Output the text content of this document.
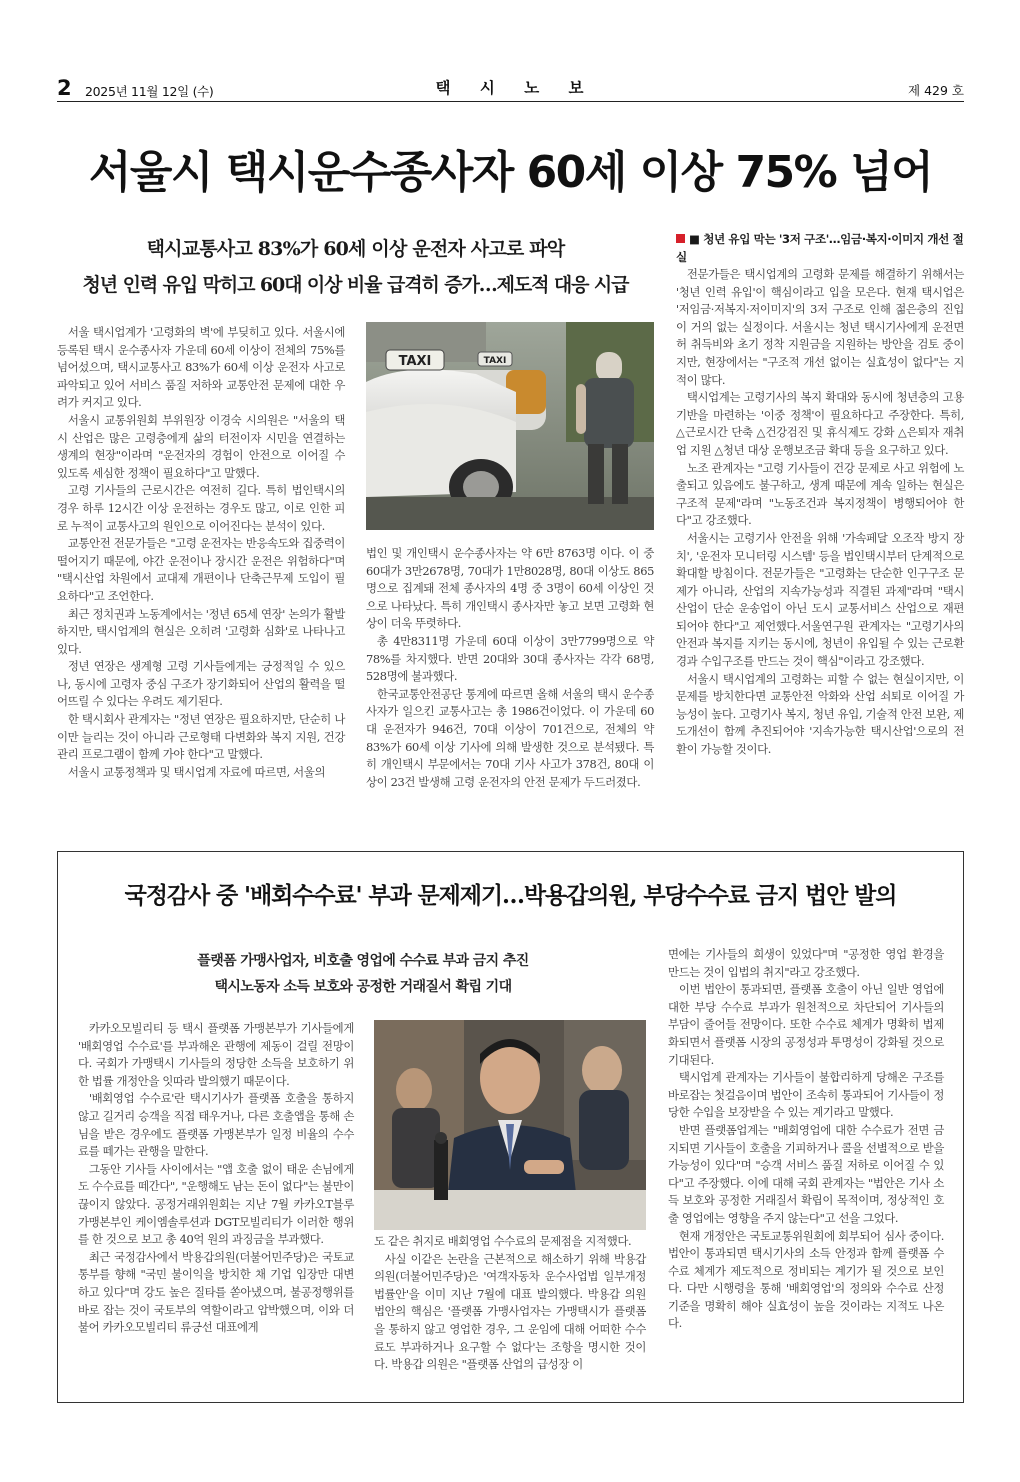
2 2025년 11월 12일 (수)	택 시 노 보	제 429 호
서울시 택시운수종사자 60세 이상 75% 넘어
택시교통사고 83%가 60세 이상 운전자 사고로 파악
청년 인력 유입 막히고 60대 이상 비율 급격히 증가…제도적 대응 시급

서울 택시업계가 '고령화의 벽'에 부딪히고 있다. 서울시에 등록된 택시 운수종사자 가운데 60세 이상이 전체의 75%를 넘어섰으며, 택시교통사고 83%가 60세 이상 운전자 사고로 파악되고 있어 서비스 품질 저하와 교통안전 문제에 대한 우려가 커지고 있다.

서울시 교통위원회 부위원장 이경숙 시의원은 "서울의 택시 산업은 많은 고령층에게 삶의 터전이자 시민을 연결하는 생계의 현장"이라며 "운전자의 경험이 안전으로 이어질 수 있도록 세심한 정책이 필요하다"고 말했다.

고령 기사들의 근로시간은 여전히 길다. 특히 법인택시의 경우 하루 12시간 이상 운전하는 경우도 많고, 이로 인한 피로 누적이 교통사고의 원인으로 이어진다는 분석이 있다.

교통안전 전문가들은 "고령 운전자는 반응속도와 집중력이 떨어지기 때문에, 야간 운전이나 장시간 운전은 위험하다"며 "택시산업 차원에서 교대제 개편이나 단축근무제 도입이 필요하다"고 조언한다.

최근 정치권과 노동계에서는 '정년 65세 연장' 논의가 활발하지만, 택시업계의 현실은 오히려 '고령화 심화'로 나타나고 있다.

정년 연장은 생계형 고령 기사들에게는 긍정적일 수 있으나, 동시에 고령자 중심 구조가 장기화되어 산업의 활력을 떨어뜨릴 수 있다는 우려도 제기된다.

한 택시회사 관계자는 "정년 연장은 필요하지만, 단순히 나이만 늘리는 것이 아니라 근로형태 다변화와 복지 지원, 건강관리 프로그램이 함께 가야 한다"고 말했다.

서울시 교통정책과 및 택시업계 자료에 따르면, 서울의

TAXI
TAXI

법인 및 개인택시 운수종사자는 약 6만 8763명 이다. 이 중 60대가 3만2678명, 70대가 1만8028명, 80대 이상도 865명으로 집계돼 전체 종사자의 4명 중 3명이 60세 이상인 것으로 나타났다. 특히 개인택시 종사자만 놓고 보면 고령화 현상이 더욱 뚜렷하다.

총 4만8311명 가운데 60대 이상이 3만7799명으로 약 78%를 차지했다. 반면 20대와 30대 종사자는 각각 68명, 528명에 불과했다.

한국교통안전공단 통계에 따르면 올해 서울의 택시 운수종사자가 일으킨 교통사고는 총 1986건이었다. 이 가운데 60대 운전자가 946건, 70대 이상이 701건으로, 전체의 약 83%가 60세 이상 기사에 의해 발생한 것으로 분석됐다. 특히 개인택시 부문에서는 70대 기사 사고가 378건, 80대 이상이 23건 발생해 고령 운전자의 안전 문제가 두드러졌다.

■ 청년 유입 막는 '3저 구조'…임금·복지·이미지 개선 절실

전문가들은 택시업계의 고령화 문제를 해결하기 위해서는 '청년 인력 유입'이 핵심이라고 입을 모은다. 현재 택시업은 '저임금·저복지·저이미지'의 3저 구조로 인해 젊은층의 진입이 거의 없는 실정이다. 서울시는 청년 택시기사에게 운전면허 취득비와 초기 정착 지원금을 지원하는 방안을 검토 중이지만, 현장에서는 "구조적 개선 없이는 실효성이 없다"는 지적이 많다.

택시업계는 고령기사의 복지 확대와 동시에 청년층의 고용 기반을 마련하는 '이중 정책'이 필요하다고 주장한다. 특히, △근로시간 단축 △건강검진 및 휴식제도 강화 △은퇴자 재취업 지원 △청년 대상 운행보조금 확대 등을 요구하고 있다.

노조 관계자는 "고령 기사들이 건강 문제로 사고 위험에 노출되고 있음에도 불구하고, 생계 때문에 계속 일하는 현실은 구조적 문제"라며 "노동조건과 복지정책이 병행되어야 한다"고 강조했다.

서울시는 고령기사 안전을 위해 '가속페달 오조작 방지 장치', '운전자 모니터링 시스템' 등을 법인택시부터 단계적으로 확대할 방침이다. 전문가들은 "고령화는 단순한 인구구조 문제가 아니라, 산업의 지속가능성과 직결된 과제"라며 "택시산업이 단순 운송업이 아닌 도시 교통서비스 산업으로 재편되어야 한다"고 제언했다.서울연구원 관계자는 "고령기사의 안전과 복지를 지키는 동시에, 청년이 유입될 수 있는 근로환경과 수입구조를 만드는 것이 핵심"이라고 강조했다.

서울시 택시업계의 고령화는 피할 수 없는 현실이지만, 이 문제를 방치한다면 교통안전 악화와 산업 쇠퇴로 이어질 가능성이 높다. 고령기사 복지, 청년 유입, 기술적 안전 보완, 제도개선이 함께 추진되어야 '지속가능한 택시산업'으로의 전환이 가능할 것이다.

국정감사 중 '배회수수료' 부과 문제제기…박용갑의원, 부당수수료 금지 법안 발의
플랫폼 가맹사업자, 비호출 영업에 수수료 부과 금지 추진
택시노동자 소득 보호와 공정한 거래질서 확립 기대

카카오모빌리티 등 택시 플랫폼 가맹본부가 기사들에게 '배회영업 수수료'를 부과해온 관행에 제동이 걸릴 전망이다. 국회가 가맹택시 기사들의 정당한 소득을 보호하기 위한 법률 개정안을 잇따라 발의했기 때문이다.

'배회영업 수수료'란 택시기사가 플랫폼 호출을 통하지 않고 길거리 승객을 직접 태우거나, 다른 호출앱을 통해 손님을 받은 경우에도 플랫폼 가맹본부가 일정 비율의 수수료를 떼가는 관행을 말한다.

그동안 기사들 사이에서는 "앱 호출 없이 태운 손님에게도 수수료를 떼간다", "운행해도 남는 돈이 없다"는 불만이 끊이지 않았다. 공정거래위원회는 지난 7월 카카오T블루 가맹본부인 케이엠솔루션과 DGT모빌리티가 이러한 행위를 한 것으로 보고 총 40억 원의 과징금을 부과했다.

최근 국정감사에서 박용갑의원(더불어민주당)은 국토교통부를 향해 "국민 불이익을 방치한 채 기업 입장만 대변하고 있다"며 강도 높은 질타를 쏟아냈으며, 불공정행위를 바로 잡는 것이 국토부의 역할이라고 압박했으며, 이와 더불어 카카오모빌리티 류긍선 대표에게

도 같은 취지로 배회영업 수수료의 문제점을 지적했다.

사실 이같은 논란을 근본적으로 해소하기 위해 박용갑 의원(더불어민주당)은 '여객자동차 운수사업법 일부개정법률안'을 이미 지난 7월에 대표 발의했다. 박용갑 의원 법안의 핵심은 '플랫폼 가맹사업자는 가맹택시가 플랫폼을 통하지 않고 영업한 경우, 그 운임에 대해 어떠한 수수료도 부과하거나 요구할 수 없다'는 조항을 명시한 것이다. 박용갑 의원은 "플랫폼 산업의 급성장 이

면에는 기사들의 희생이 있었다"며 "공정한 영업 환경을 만드는 것이 입법의 취지"라고 강조했다.

이번 법안이 통과되면, 플랫폼 호출이 아닌 일반 영업에 대한 부당 수수료 부과가 원천적으로 차단되어 기사들의 부담이 줄어들 전망이다. 또한 수수료 체계가 명확히 법제화되면서 플랫폼 시장의 공정성과 투명성이 강화될 것으로 기대된다.

택시업계 관계자는 기사들이 불합리하게 당해온 구조를 바로잡는 첫걸음이며 법안이 조속히 통과되어 기사들이 정당한 수입을 보장받을 수 있는 계기라고 말했다.

반면 플랫폼업계는 "배회영업에 대한 수수료가 전면 금지되면 기사들이 호출을 기피하거나 콜을 선별적으로 받을 가능성이 있다"며 "승객 서비스 품질 저하로 이어질 수 있다"고 주장했다. 이에 대해 국회 관계자는 "법안은 기사 소득 보호와 공정한 거래질서 확립이 목적이며, 정상적인 호출 영업에는 영향을 주지 않는다"고 선을 그었다.

현재 개정안은 국토교통위원회에 회부되어 심사 중이다. 법안이 통과되면 택시기사의 소득 안정과 함께 플랫폼 수수료 체계가 제도적으로 정비되는 계기가 될 것으로 보인다. 다만 시행령을 통해 '배회영업'의 정의와 수수료 산정 기준을 명확히 해야 실효성이 높을 것이라는 지적도 나온다.
